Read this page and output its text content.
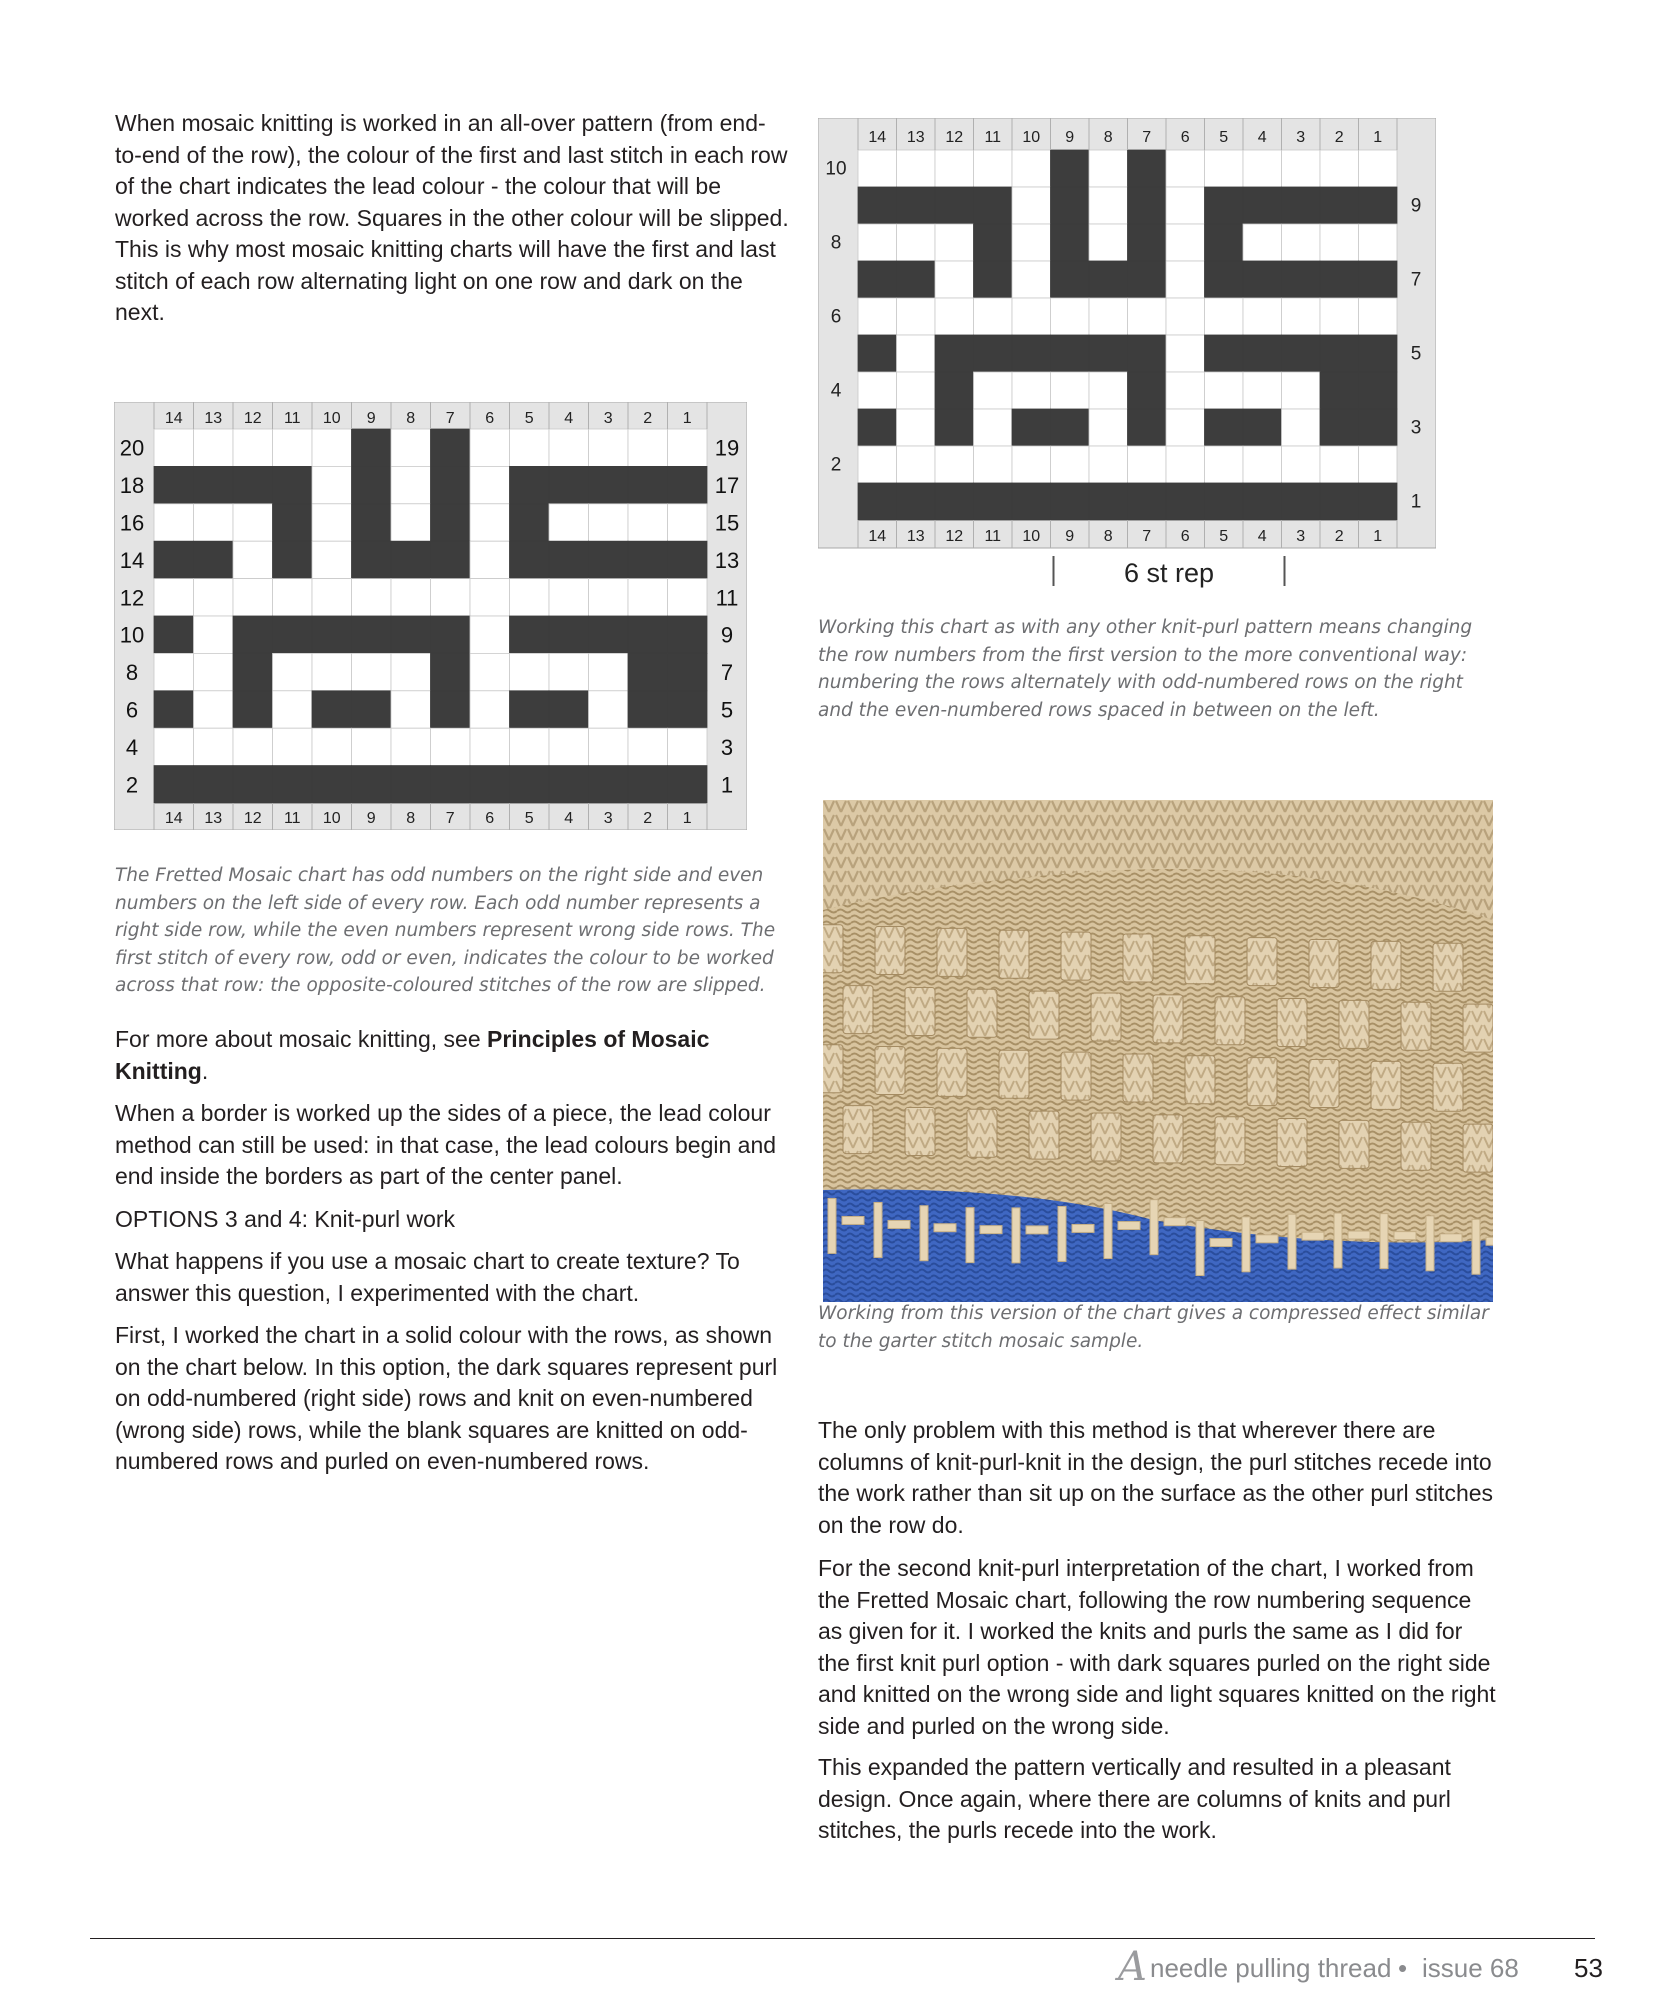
When mosaic knitting is worked in an all-over pattern (from end-to-end of the row), the colour of the first and last stitch in each row of the chart indicates the lead colour - the colour that will be worked across the row. Squares in the other colour will be slipped. This is why most mosaic knitting charts will have the first and last stitch of each row alternating light on one row and dark on the next.

14
14
13
13
12
12
11
11
10
10
9
9
8
8
7
7
6
6
5
5
4
4
3
3
2
2
1
1
20	19
18	17
16	15
14	13
12	11
10	9
8	7
6	5
4	3
2	1

The Fretted Mosaic chart has odd numbers on the right side and even numbers on the left side of every row. Each odd number represents a right side row, while the even numbers represent wrong side rows. The first stitch of every row, odd or even, indicates the colour to be worked across that row: the opposite-coloured stitches of the row are slipped.

For more about mosaic knitting, see Principles of Mosaic Knitting.

When a border is worked up the sides of a piece, the lead colour method can still be used: in that case, the lead colours begin and end inside the borders as part of the center panel.

OPTIONS 3 and 4: Knit-purl work

What happens if you use a mosaic chart to create texture? To answer this question, I experimented with the chart.

First, I worked the chart in a solid colour with the rows, as shown on the chart below. In this option, the dark squares represent purl on odd-numbered (right side) rows and knit on even-numbered (wrong side) rows, while the blank squares are knitted on odd-numbered rows and purled on even-numbered rows.

14
14
13
13
12
12
11
11
10
10
9
9
8
8
7
7
6
6
5
5
4
4
3
3
2
2
1
1
10
8
6
4
2
9
7
5
3
1
6 st rep

Working this chart as with any other knit-purl pattern means changing the row numbers from the first version to the more conventional way: numbering the rows alternately with odd-numbered rows on the right and the even-numbered rows spaced in between on the left.

Working from this version of the chart gives a compressed effect similar to the garter stitch mosaic sample.

The only problem with this method is that wherever there are columns of knit-purl-knit in the design, the purl stitches recede into the work rather than sit up on the surface as the other purl stitches on the row do.

For the second knit-purl interpretation of the chart, I worked from the Fretted Mosaic chart, following the row numbering sequence as given for it. I worked the knits and purls the same as I did for the first knit purl option - with dark squares purled on the right side and knitted on the wrong side and light squares knitted on the right side and purled on the wrong side.

This expanded the pattern vertically and resulted in a pleasant design. Once again, where there are columns of knits and purl stitches, the purls recede into the work.

A needle pulling thread • issue 68 53
